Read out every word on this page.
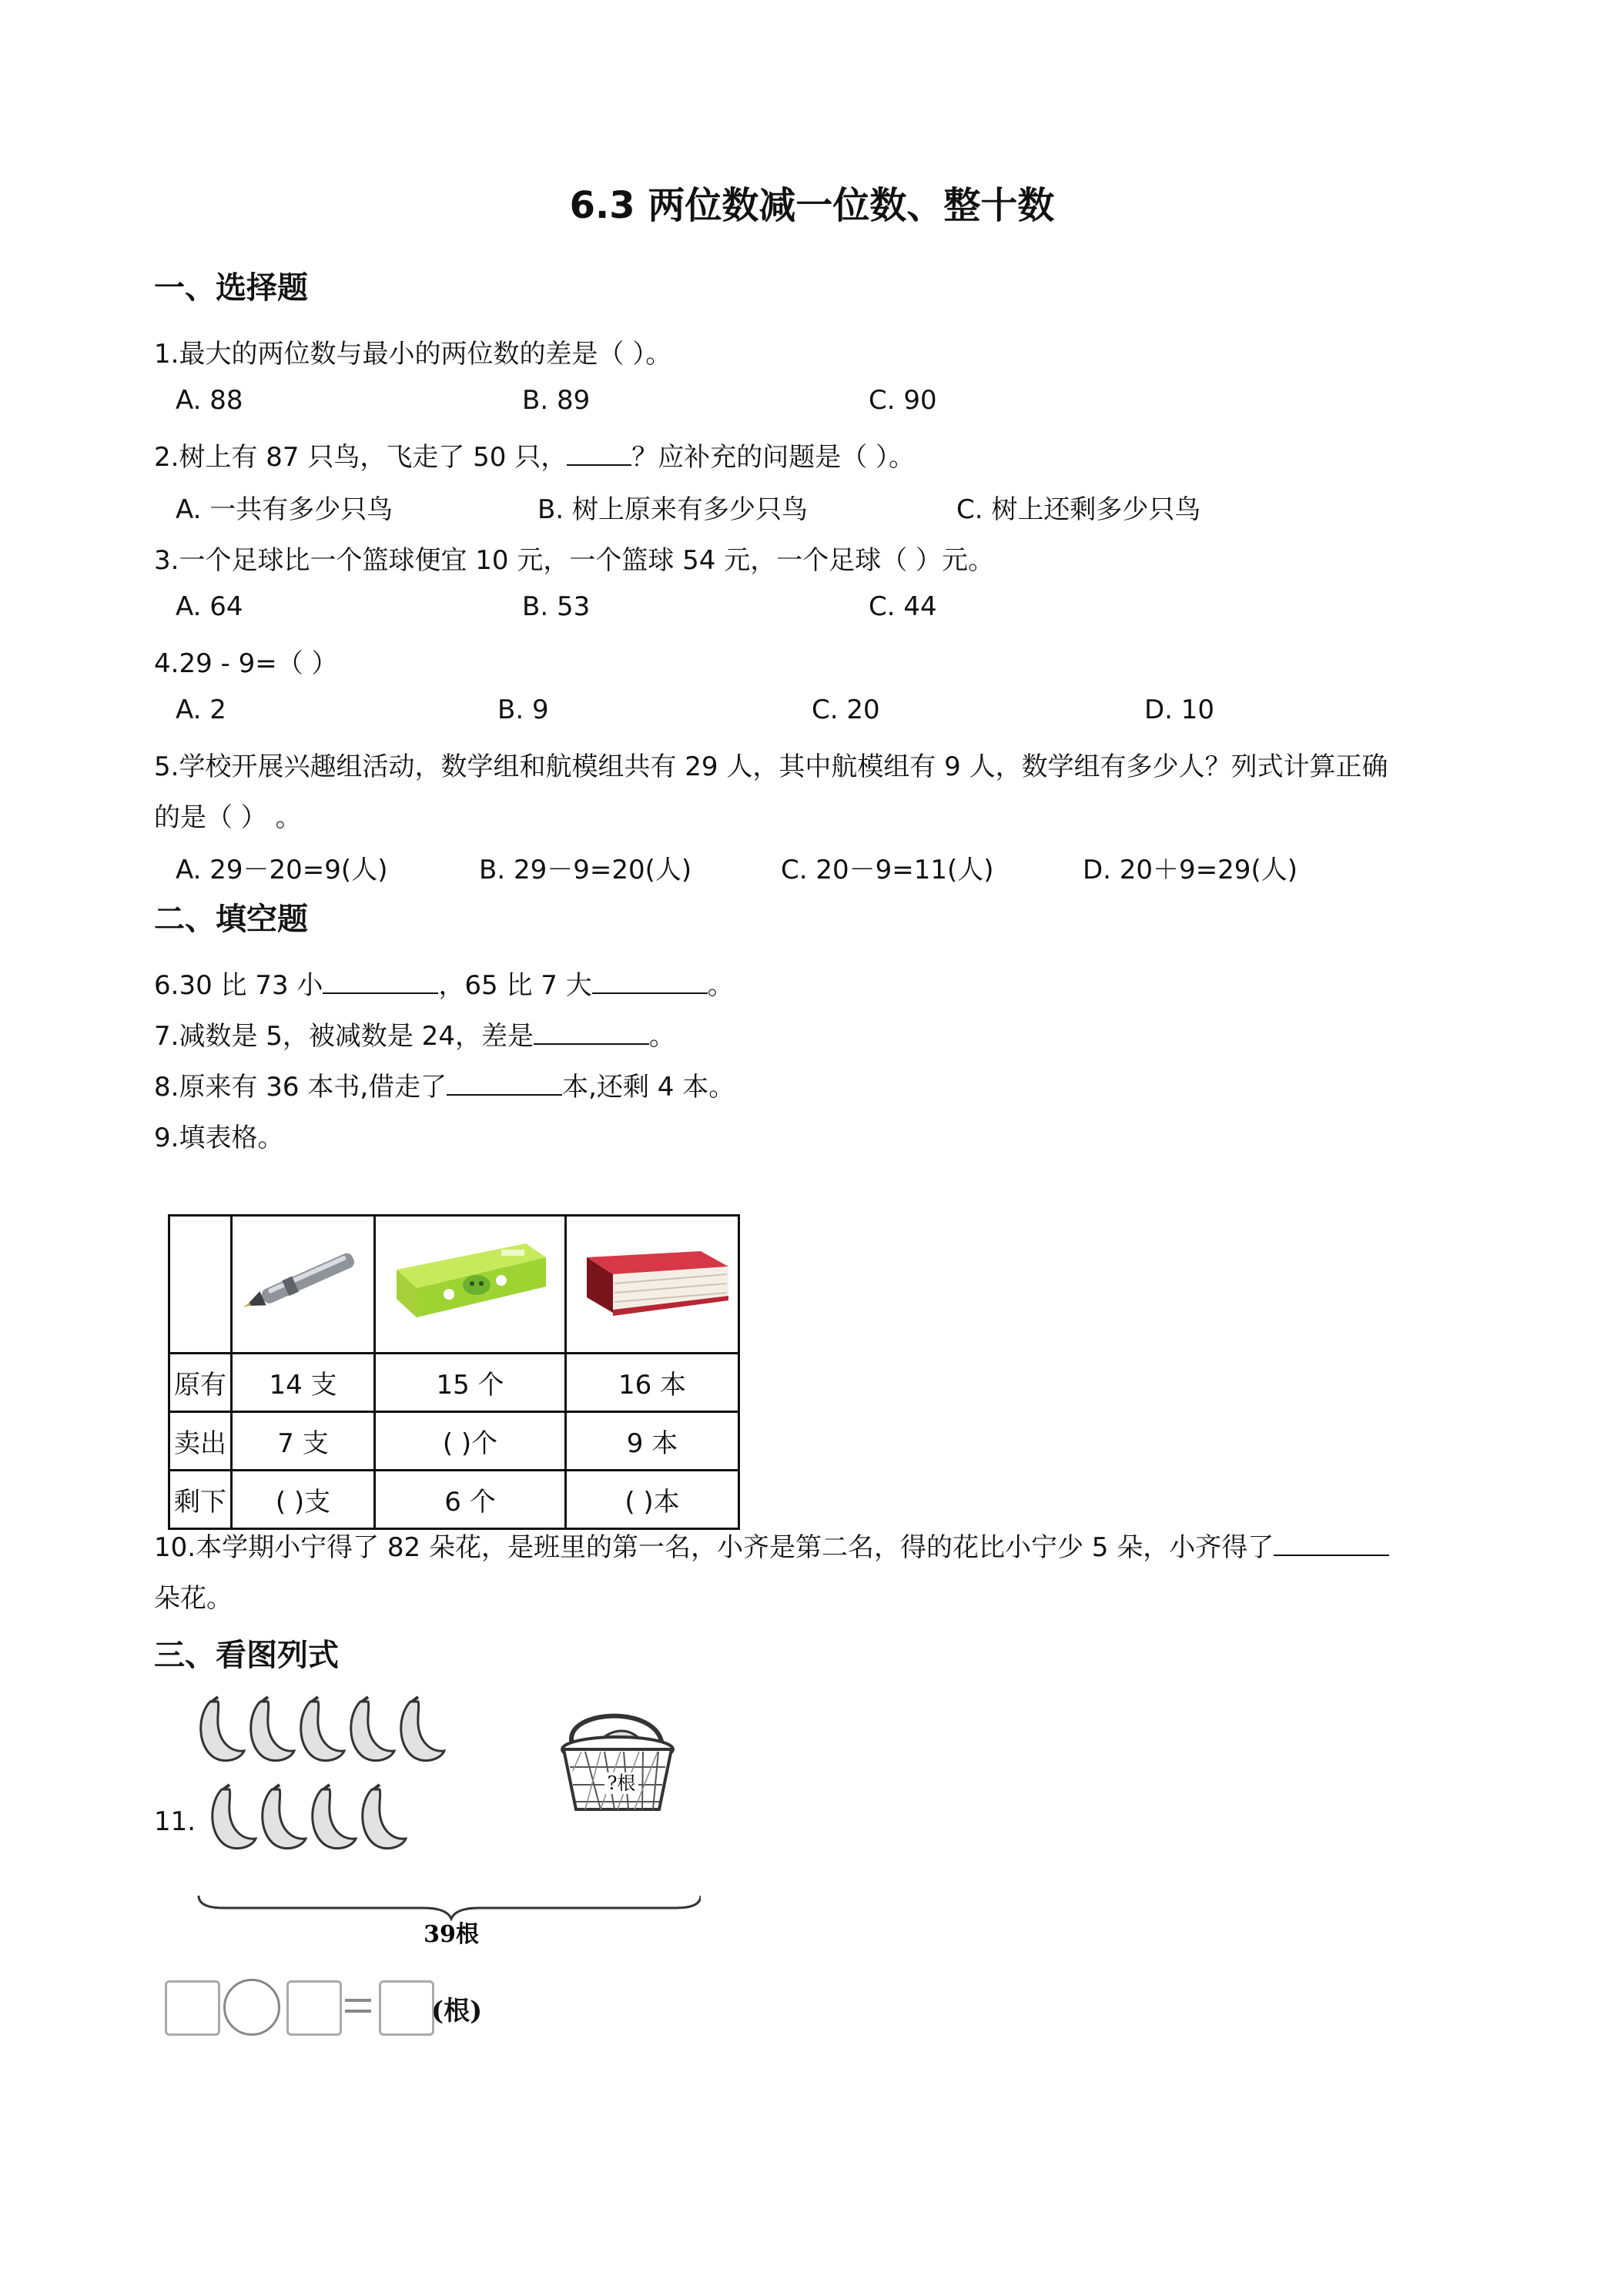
6.3 两位数减一位数、整十数
一、选择题
1.最大的两位数与最小的两位数的差是（ ）。
A. 88	B. 89	C. 90
2.树上有 87 只鸟，飞走了 50 只， ？应补充的问题是（ ）。
A. 一共有多少只鸟	B. 树上原来有多少只鸟	C. 树上还剩多少只鸟
3.一个足球比一个篮球便宜 10 元，一个篮球 54 元，一个足球（ ）元。
A. 64	B. 53	C. 44
4.29 - 9=（ ）
A. 2	B. 9	C. 20	D. 10
5.学校开展兴趣组活动，数学组和航模组共有 29 人，其中航模组有 9 人，数学组有多少人？列式计算正确
的是（ ） 。
A. 29－20=9(人)	B. 29－9=20(人)	C. 20－9=11(人)	D. 20＋9=29(人)
二、填空题
6.30 比 73 小	，65 比 7 大	。
7.减数是 5，被减数是 24，差是	。
8.原来有 36 本书,借走了	本,还剩 4 本。
9.填表格。

原有	14 支	15 个	16 本
卖出	7 支	( )个	9 本
剩下	( )支	6 个	( )本
10.本学期小宁得了 82 朵花，是班里的第一名，小齐是第二名，得的花比小宁少 5 朵，小齐得了
朵花。
三、看图列式
11.
?根
39根
(根)
